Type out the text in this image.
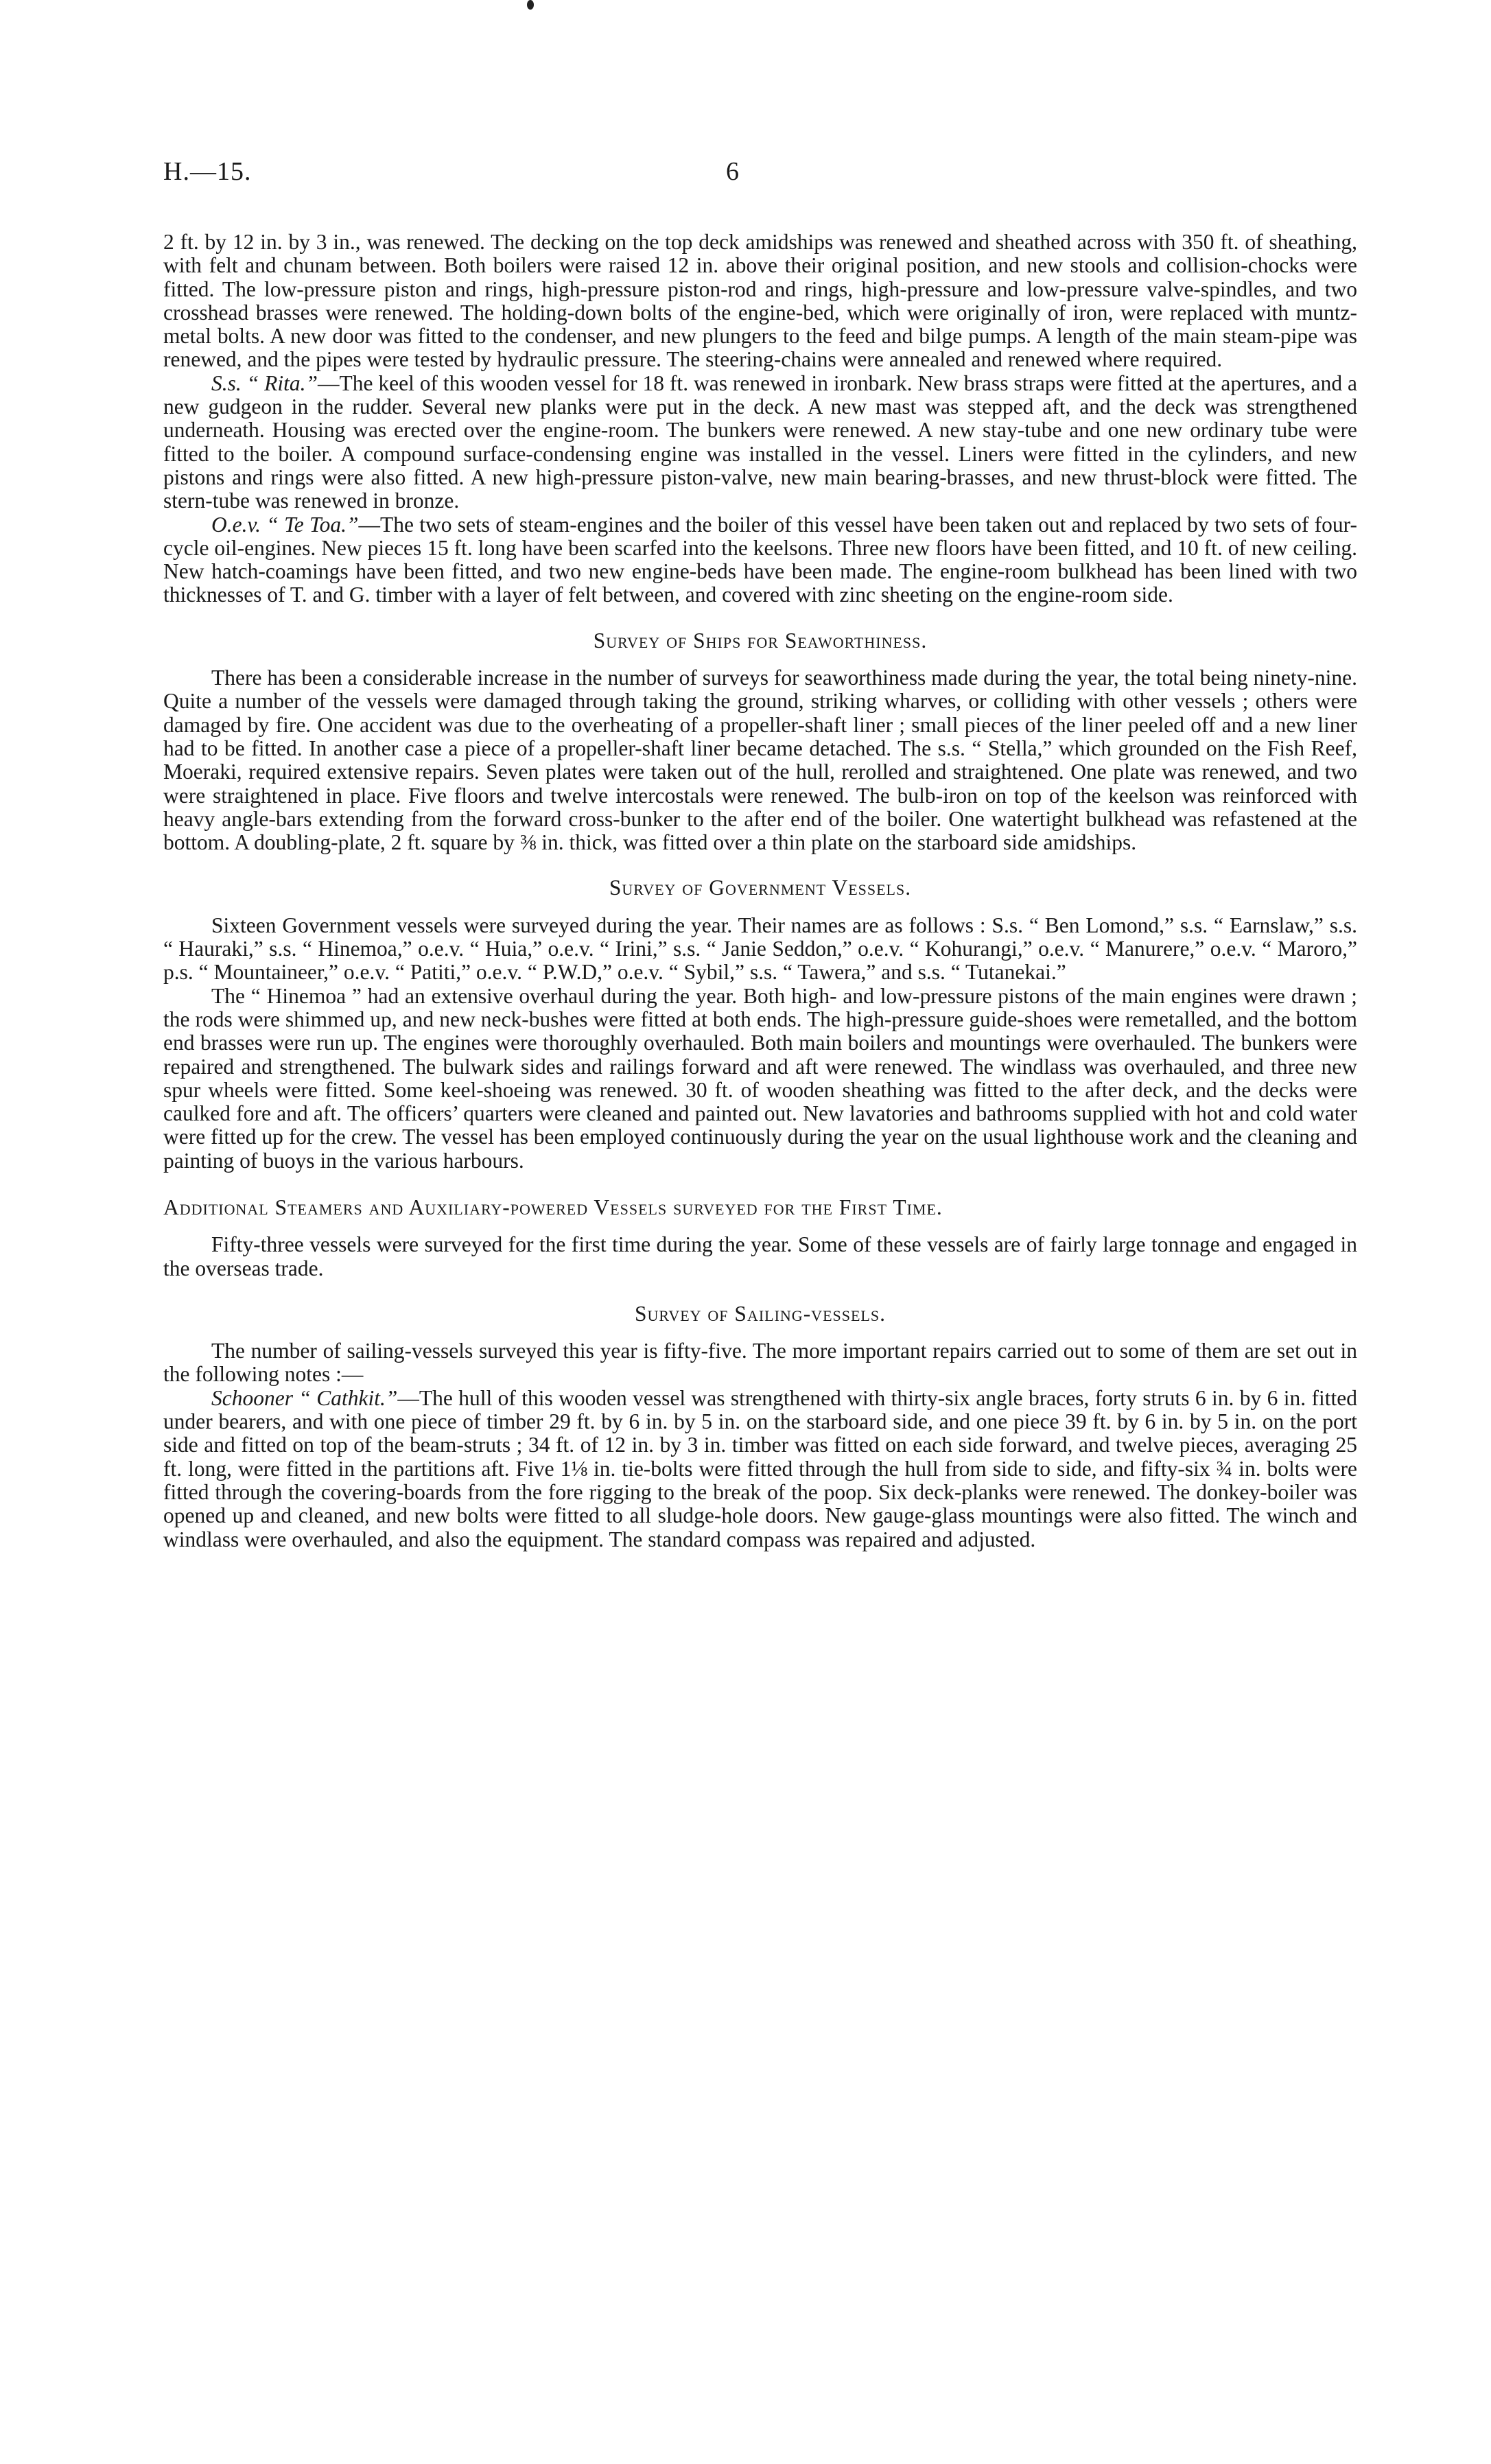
H.—15.	6

2 ft. by 12 in. by 3 in., was renewed. The decking on the top deck amidships was renewed and sheathed across with 350 ft. of sheathing, with felt and chunam between. Both boilers were raised 12 in. above their original position, and new stools and collision-chocks were fitted. The low-pressure piston and rings, high-pressure piston-rod and rings, high-pressure and low-pressure valve-spindles, and two crosshead brasses were renewed. The holding-down bolts of the engine-bed, which were originally of iron, were replaced with muntz-metal bolts. A new door was fitted to the condenser, and new plungers to the feed and bilge pumps. A length of the main steam-pipe was renewed, and the pipes were tested by hydraulic pressure. The steering-chains were annealed and renewed where required.

S.s. “ Rita.”—The keel of this wooden vessel for 18 ft. was renewed in ironbark. New brass straps were fitted at the apertures, and a new gudgeon in the rudder. Several new planks were put in the deck. A new mast was stepped aft, and the deck was strengthened underneath. Housing was erected over the engine-room. The bunkers were renewed. A new stay-tube and one new ordinary tube were fitted to the boiler. A compound surface-condensing engine was installed in the vessel. Liners were fitted in the cylinders, and new pistons and rings were also fitted. A new high-pressure piston-valve, new main bearing-brasses, and new thrust-block were fitted. The stern-tube was renewed in bronze.

O.e.v. “ Te Toa.”—The two sets of steam-engines and the boiler of this vessel have been taken out and replaced by two sets of four-cycle oil-engines. New pieces 15 ft. long have been scarfed into the keelsons. Three new floors have been fitted, and 10 ft. of new ceiling. New hatch-coamings have been fitted, and two new engine-beds have been made. The engine-room bulkhead has been lined with two thicknesses of T. and G. timber with a layer of felt between, and covered with zinc sheeting on the engine-room side.

Survey of Ships for Seaworthiness.

There has been a considerable increase in the number of surveys for seaworthiness made during the year, the total being ninety-nine. Quite a number of the vessels were damaged through taking the ground, striking wharves, or colliding with other vessels ; others were damaged by fire. One accident was due to the overheating of a propeller-shaft liner ; small pieces of the liner peeled off and a new liner had to be fitted. In another case a piece of a propeller-shaft liner became detached. The s.s. “ Stella,” which grounded on the Fish Reef, Moeraki, required extensive repairs. Seven plates were taken out of the hull, rerolled and straightened. One plate was renewed, and two were straightened in place. Five floors and twelve intercostals were renewed. The bulb-iron on top of the keelson was reinforced with heavy angle-bars extending from the forward cross-bunker to the after end of the boiler. One watertight bulkhead was refastened at the bottom. A doubling-plate, 2 ft. square by ⅜ in. thick, was fitted over a thin plate on the starboard side amidships.

Survey of Government Vessels.

Sixteen Government vessels were surveyed during the year. Their names are as follows : S.s. “ Ben Lomond,” s.s. “ Earnslaw,” s.s. “ Hauraki,” s.s. “ Hinemoa,” o.e.v. “ Huia,” o.e.v. “ Irini,” s.s. “ Janie Seddon,” o.e.v. “ Kohurangi,” o.e.v. “ Manurere,” o.e.v. “ Maroro,” p.s. “ Mountaineer,” o.e.v. “ Patiti,” o.e.v. “ P.W.D,” o.e.v. “ Sybil,” s.s. “ Tawera,” and s.s. “ Tutanekai.”

The “ Hinemoa ” had an extensive overhaul during the year. Both high- and low-pressure pistons of the main engines were drawn ; the rods were shimmed up, and new neck-bushes were fitted at both ends. The high-pressure guide-shoes were remetalled, and the bottom end brasses were run up. The engines were thoroughly overhauled. Both main boilers and mountings were overhauled. The bunkers were repaired and strengthened. The bulwark sides and railings forward and aft were renewed. The windlass was overhauled, and three new spur wheels were fitted. Some keel-shoeing was renewed. 30 ft. of wooden sheathing was fitted to the after deck, and the decks were caulked fore and aft. The officers’ quarters were cleaned and painted out. New lavatories and bathrooms supplied with hot and cold water were fitted up for the crew. The vessel has been employed continuously during the year on the usual lighthouse work and the cleaning and painting of buoys in the various harbours.

Additional Steamers and Auxiliary-powered Vessels surveyed for the First Time.

Fifty-three vessels were surveyed for the first time during the year. Some of these vessels are of fairly large tonnage and engaged in the overseas trade.

Survey of Sailing-vessels.

The number of sailing-vessels surveyed this year is fifty-five. The more important repairs carried out to some of them are set out in the following notes :—

Schooner “ Cathkit.”—The hull of this wooden vessel was strengthened with thirty-six angle braces, forty struts 6 in. by 6 in. fitted under bearers, and with one piece of timber 29 ft. by 6 in. by 5 in. on the starboard side, and one piece 39 ft. by 6 in. by 5 in. on the port side and fitted on top of the beam-struts ; 34 ft. of 12 in. by 3 in. timber was fitted on each side forward, and twelve pieces, averaging 25 ft. long, were fitted in the partitions aft. Five 1⅛ in. tie-bolts were fitted through the hull from side to side, and fifty-six ¾ in. bolts were fitted through the covering-boards from the fore rigging to the break of the poop. Six deck-planks were renewed. The donkey-boiler was opened up and cleaned, and new bolts were fitted to all sludge-hole doors. New gauge-glass mountings were also fitted. The winch and windlass were overhauled, and also the equipment. The standard compass was repaired and adjusted.
